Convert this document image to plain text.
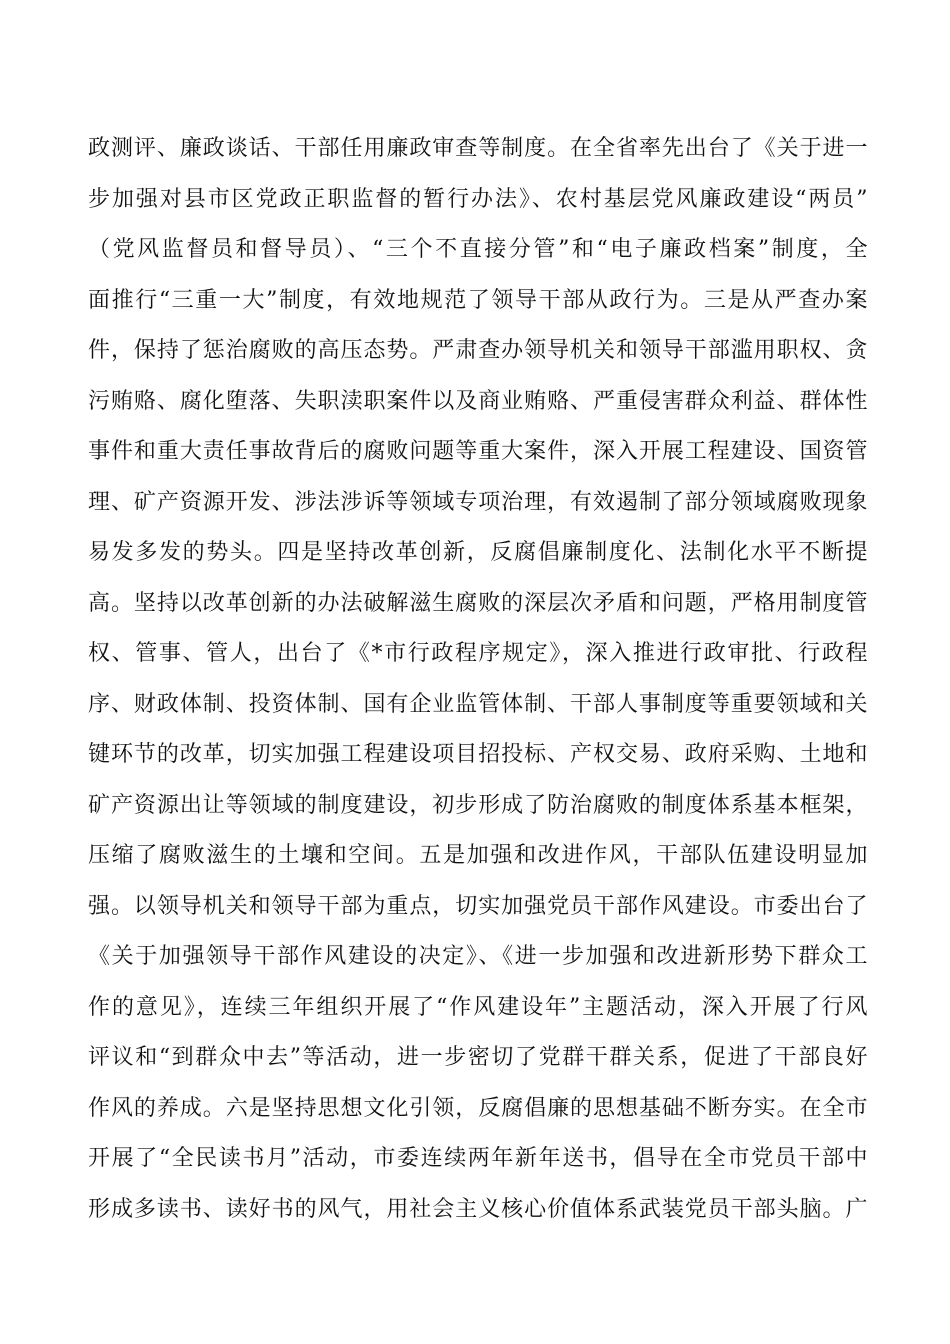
政测评、廉政谈话、干部任用廉政审查等制度。在全省率先出台了《关于进一
步加强对县市区党政正职监督的暂行办法》、农村基层党风廉政建设“两员”
（党风监督员和督导员）、“三个不直接分管”和“电子廉政档案”制度，全
面推行“三重一大”制度，有效地规范了领导干部从政行为。三是从严查办案
件，保持了惩治腐败的高压态势。严肃查办领导机关和领导干部滥用职权、贪
污贿赂、腐化堕落、失职渎职案件以及商业贿赂、严重侵害群众利益、群体性
事件和重大责任事故背后的腐败问题等重大案件，深入开展工程建设、国资管
理、矿产资源开发、涉法涉诉等领域专项治理，有效遏制了部分领域腐败现象
易发多发的势头。四是坚持改革创新，反腐倡廉制度化、法制化水平不断提
高。坚持以改革创新的办法破解滋生腐败的深层次矛盾和问题，严格用制度管
权、管事、管人，出台了《*市行政程序规定》，深入推进行政审批、行政程
序、财政体制、投资体制、国有企业监管体制、干部人事制度等重要领域和关
键环节的改革，切实加强工程建设项目招投标、产权交易、政府采购、土地和
矿产资源出让等领域的制度建设，初步形成了防治腐败的制度体系基本框架，
压缩了腐败滋生的土壤和空间。五是加强和改进作风，干部队伍建设明显加
强。以领导机关和领导干部为重点，切实加强党员干部作风建设。市委出台了
《关于加强领导干部作风建设的决定》、《进一步加强和改进新形势下群众工
作的意见》，连续三年组织开展了“作风建设年”主题活动，深入开展了行风
评议和“到群众中去”等活动，进一步密切了党群干群关系，促进了干部良好
作风的养成。六是坚持思想文化引领，反腐倡廉的思想基础不断夯实。在全市
开展了“全民读书月”活动，市委连续两年新年送书，倡导在全市党员干部中
形成多读书、读好书的风气，用社会主义核心价值体系武装党员干部头脑。广
